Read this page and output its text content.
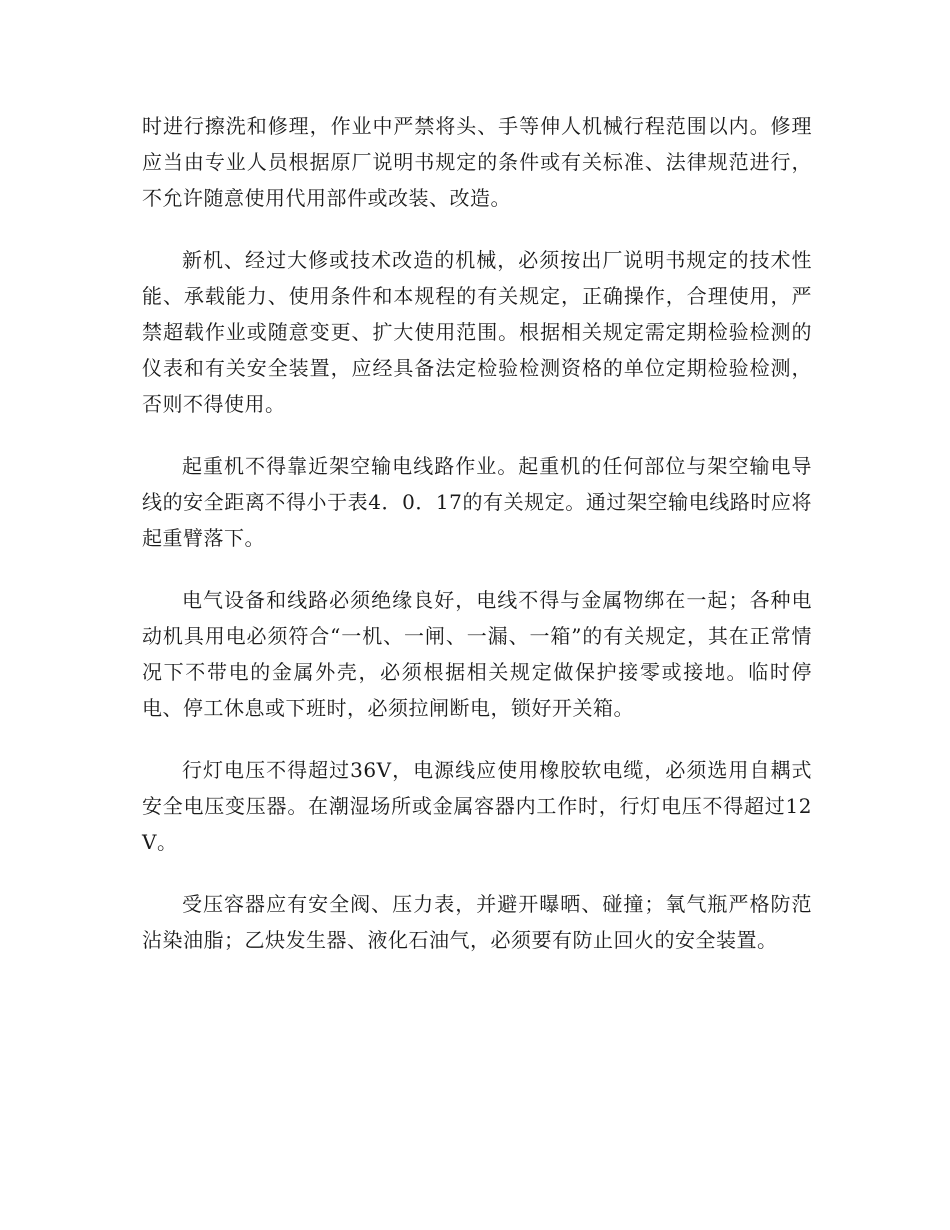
时进行擦洗和修理，作业中严禁将头、手等伸人机械行程范围以内。修理应当由专业人员根据原厂说明书规定的条件或有关标准、法律规范进行，不允许随意使用代用部件或改装、改造。

新机、经过大修或技术改造的机械，必须按出厂说明书规定的技术性能、承载能力、使用条件和本规程的有关规定，正确操作，合理使用，严禁超载作业或随意变更、扩大使用范围。根据相关规定需定期检验检测的仪表和有关安全装置，应经具备法定检验检测资格的单位定期检验检测，否则不得使用。

起重机不得靠近架空输电线路作业。起重机的任何部位与架空输电导线的安全距离不得小于表4．0．17的有关规定。通过架空输电线路时应将起重臂落下。

电气设备和线路必须绝缘良好，电线不得与金属物绑在一起；各种电动机具用电必须符合“一机、一闸、一漏、一箱”的有关规定，其在正常情况下不带电的金属外壳，必须根据相关规定做保护接零或接地。临时停电、停工休息或下班时，必须拉闸断电，锁好开关箱。

行灯电压不得超过36V，电源线应使用橡胶软电缆，必须选用自耦式安全电压变压器。在潮湿场所或金属容器内工作时，行灯电压不得超过12V。

受压容器应有安全阀、压力表，并避开曝晒、碰撞；氧气瓶严格防范沾染油脂；乙炔发生器、液化石油气，必须要有防止回火的安全装置。
